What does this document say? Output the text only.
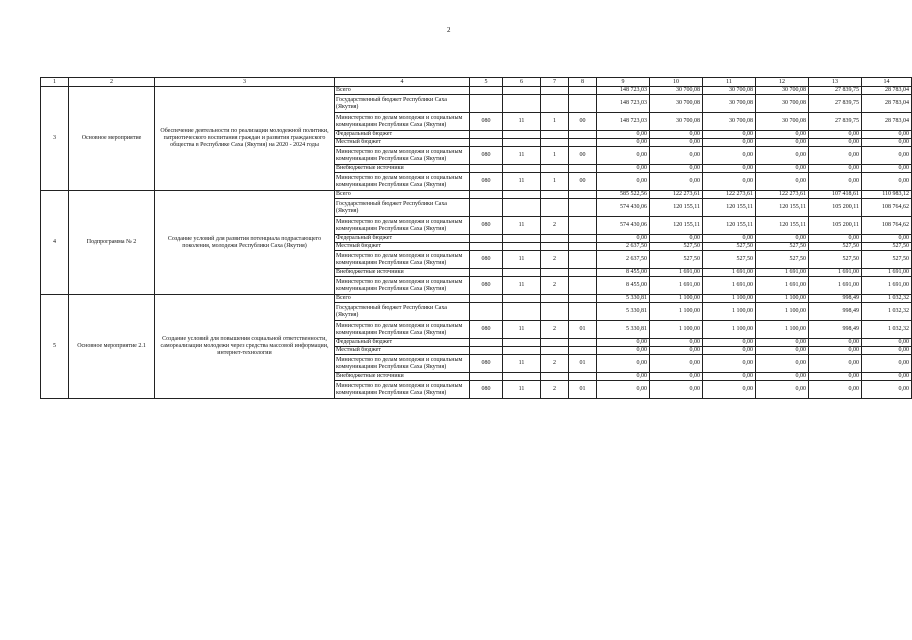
2
1	2	3	4	5	6	7	8	9	10	11	12	13	14
3	Основное мероприятие	Обеспечение деятельности по реализации молодежной политики, патриотического воспитания граждан и развития гражданского общества в Республике Саха (Якутия) на 2020 - 2024 годы	Всего					148 723,03	30 700,08	30 700,08	30 700,08	27 839,75	28 783,04
			Государственный бюджет Республики Саха (Якутия)					148 723,03	30 700,08	30 700,08	30 700,08	27 839,75	28 783,04
			Министерство по делам молодежи и социальным коммуникациям Республики Саха (Якутия)	080	11	1	00	148 723,03	30 700,08	30 700,08	30 700,08	27 839,75	28 783,04
			Федеральный бюджет					0,00	0,00	0,00	0,00	0,00	0,00
			Местный бюджет					0,00	0,00	0,00	0,00	0,00	0,00
			Министерство по делам молодежи и социальным коммуникациям Республики Саха (Якутия)	080	11	1	00	0,00	0,00	0,00	0,00	0,00	0,00
			Внебюджетные источники					0,00	0,00	0,00	0,00	0,00	0,00
			Министерство по делам молодежи и социальным коммуникациям Республики Саха (Якутия)	080	11	1	00	0,00	0,00	0,00	0,00	0,00	0,00
4	Подпрограмма № 2	Создание условий для развития потенциала подрастающего поколения, молодежи Республики Саха (Якутия)	Всего					585 522,56	122 273,61	122 273,61	122 273,61	107 418,61	110 983,12
			Государственный бюджет Республики Саха (Якутия)					574 430,06	120 155,11	120 155,11	120 155,11	105 200,11	108 764,62
			Министерство по делам молодежи и социальным коммуникациям Республики Саха (Якутия)	080	11	2		574 430,06	120 155,11	120 155,11	120 155,11	105 200,11	108 764,62
			Федеральный бюджет					0,00	0,00	0,00	0,00	0,00	0,00
			Местный бюджет					2 637,50	527,50	527,50	527,50	527,50	527,50
			Министерство по делам молодежи и социальным коммуникациям Республики Саха (Якутия)	080	11	2		2 637,50	527,50	527,50	527,50	527,50	527,50
			Внебюджетные источники					8 455,00	1 691,00	1 691,00	1 691,00	1 691,00	1 691,00
			Министерство по делам молодежи и социальным коммуникациям Республики Саха (Якутия)	080	11	2		8 455,00	1 691,00	1 691,00	1 691,00	1 691,00	1 691,00
5	Основное мероприятие 2.1	Создание условий для повышения социальной ответственности, самореализации молодежи через средства массовой информации, интернет-технологии	Всего					5 330,81	1 100,00	1 100,00	1 100,00	998,49	1 032,32
			Государственный бюджет Республики Саха (Якутия)					5 330,81	1 100,00	1 100,00	1 100,00	998,49	1 032,32
			Министерство по делам молодежи и социальным коммуникациям Республики Саха (Якутия)	080	11	2	01	5 330,81	1 100,00	1 100,00	1 100,00	998,49	1 032,32
			Федеральный бюджет					0,00	0,00	0,00	0,00	0,00	0,00
			Местный бюджет					0,00	0,00	0,00	0,00	0,00	0,00
			Министерство по делам молодежи и социальным коммуникациям Республики Саха (Якутия)	080	11	2	01	0,00	0,00	0,00	0,00	0,00	0,00
			Внебюджетные источники					0,00	0,00	0,00	0,00	0,00	0,00
			Министерство по делам молодежи и социальным коммуникациям Республики Саха (Якутия)	080	11	2	01	0,00	0,00	0,00	0,00	0,00	0,00
